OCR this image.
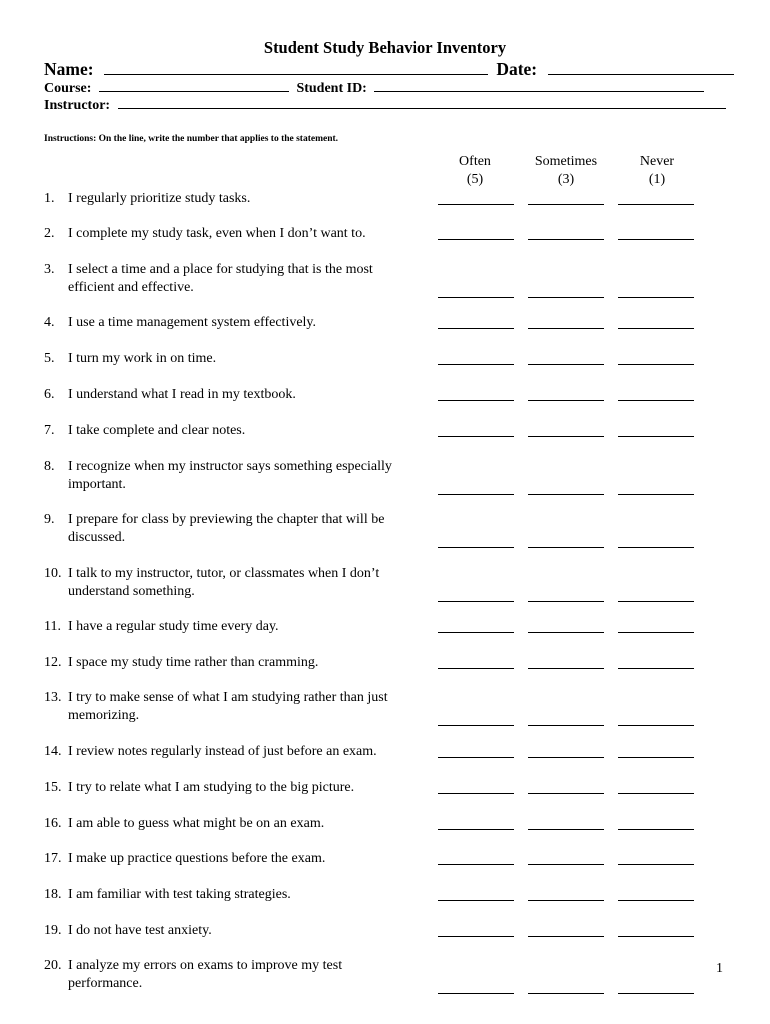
Student Study Behavior Inventory
Name:	Date:
Course:	Student ID:
Instructor:
Instructions: On the line, write the number that applies to the statement.
Often
(5)
Sometimes
(3)
Never
(1)
1. I regularly prioritize study tasks.
2. I complete my study task, even when I don’t want to.
3. I select a time and a place for studying that is the most
efficient and effective.
4. I use a time management system effectively.
5. I turn my work in on time.
6. I understand what I read in my textbook.
7. I take complete and clear notes.
8. I recognize when my instructor says something especially
important.
9. I prepare for class by previewing the chapter that will be
discussed.
10. I talk to my instructor, tutor, or classmates when I don’t
understand something.
11. I have a regular study time every day.
12. I space my study time rather than cramming.
13. I try to make sense of what I am studying rather than just
memorizing.
14. I review notes regularly instead of just before an exam.
15. I try to relate what I am studying to the big picture.
16. I am able to guess what might be on an exam.
17. I make up practice questions before the exam.
18. I am familiar with test taking strategies.
19. I do not have test anxiety.
20. I analyze my errors on exams to improve my test
performance.
1
